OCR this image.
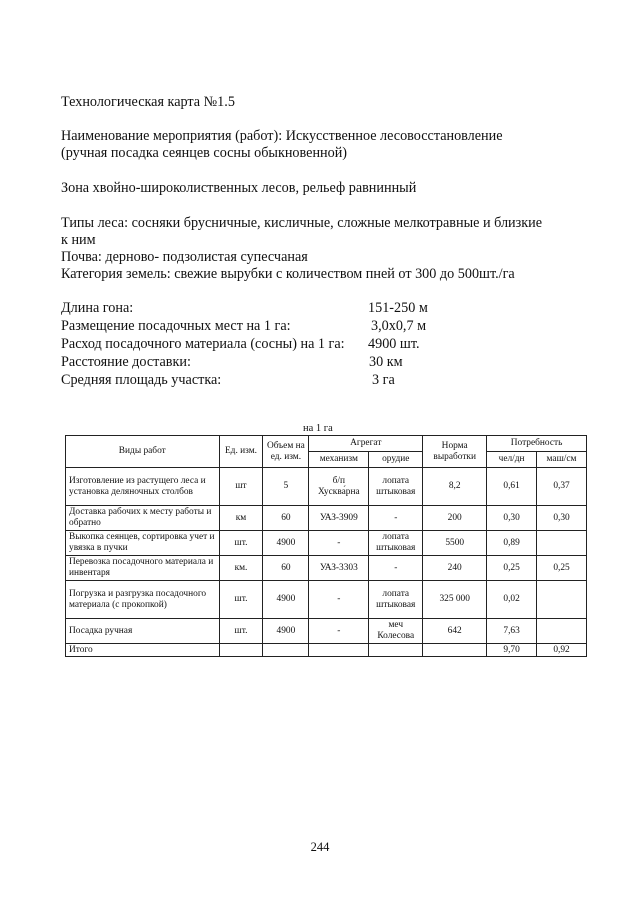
Технологическая карта №1.5
Наименование мероприятия (работ): Искусственное лесовосстановление
(ручная посадка сеянцев сосны обыкновенной)
Зона хвойно-широколиственных лесов, рельеф равнинный
Типы леса: сосняки брусничные, кисличные, сложные мелкотравные и близкие
к ним
Почва: дерново- подзолистая супесчаная
Категория земель: свежие вырубки с количеством пней от 300 до 500шт./га
Длина гона:	151-250 м
Размещение посадочных мест на 1 га:	3,0х0,7 м
Расход посадочного материала (сосны) на 1 га: 4900 шт.
Расстояние доставки:	30 км
Средняя площадь участка:	3 га
на 1 га
Виды работ	Ед. изм.	Объем на ед. изм.	Агрегат		Норма выработки	Потребность	
			механизм	орудие		чел/дн	маш/см
Изготовление из растущего леса и установка деляночных столбов	шт	5	б/п Хусква́рна	лопата штыковая	8,2	0,61	0,37
Доставка рабочих к месту работы и обратно	км	60	УАЗ-3909	-	200	0,30	0,30
Выкопка сеянцев, сортировка учет и увязка в пучки	шт.	4900	-	лопата штыковая	5500	0,89	
Перевозка посадочного материала и инвентаря	км.	60	УАЗ-3303	-	240	0,25	0,25
Погрузка и разгрузка посадочного материала (с прокопкой)	шт.	4900	-	лопата штыковая	325 000	0,02	
Посадка ручная	шт.	4900	-	меч Колесова	642	7,63	
Итого						9,70	0,92
244
